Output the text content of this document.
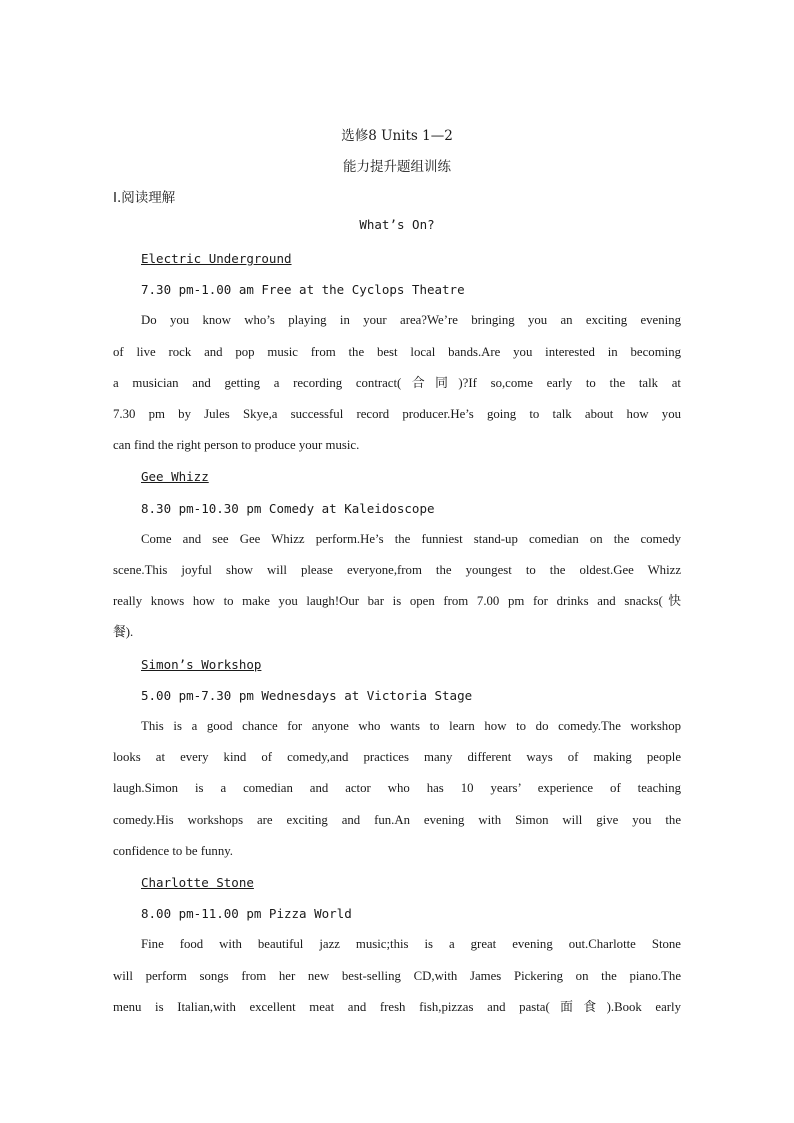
选修8 Units 1—2
能力提升题组训练
Ⅰ.阅读理解
What’s On?
Electric Underground
7.30 pm-1.00 am Free at the Cyclops Theatre
Do you know who’s playing in your area?We’re bringing you an exciting evening
of live rock and pop music from the best local bands.Are you interested in becoming
a musician and getting a recording contract(合同)?If so,come early to the talk at
7.30 pm by Jules Skye,a successful record producer.He’s going to talk about how you
can find the right person to produce your music.
Gee Whizz
8.30 pm-10.30 pm Comedy at Kaleidoscope
Come and see Gee Whizz perform.He’s the funniest stand-up comedian on the comedy
scene.This joyful show will please everyone,from the youngest to the oldest.Gee Whizz
really knows how to make you laugh!Our bar is open from 7.00 pm for drinks and snacks(快
餐).
Simon’s Workshop
5.00 pm-7.30 pm Wednesdays at Victoria Stage
This is a good chance for anyone who wants to learn how to do comedy.The workshop
looks at every kind of comedy,and practices many different ways of making people
laugh.Simon is a comedian and actor who has 10 years’ experience of teaching
comedy.His workshops are exciting and fun.An evening with Simon will give you the
confidence to be funny.
Charlotte Stone
8.00 pm-11.00 pm Pizza World
Fine food with beautiful jazz music;this is a great evening out.Charlotte Stone
will perform songs from her new best-selling CD,with James Pickering on the piano.The
menu is Italian,with excellent meat and fresh fish,pizzas and pasta(面食).Book early
